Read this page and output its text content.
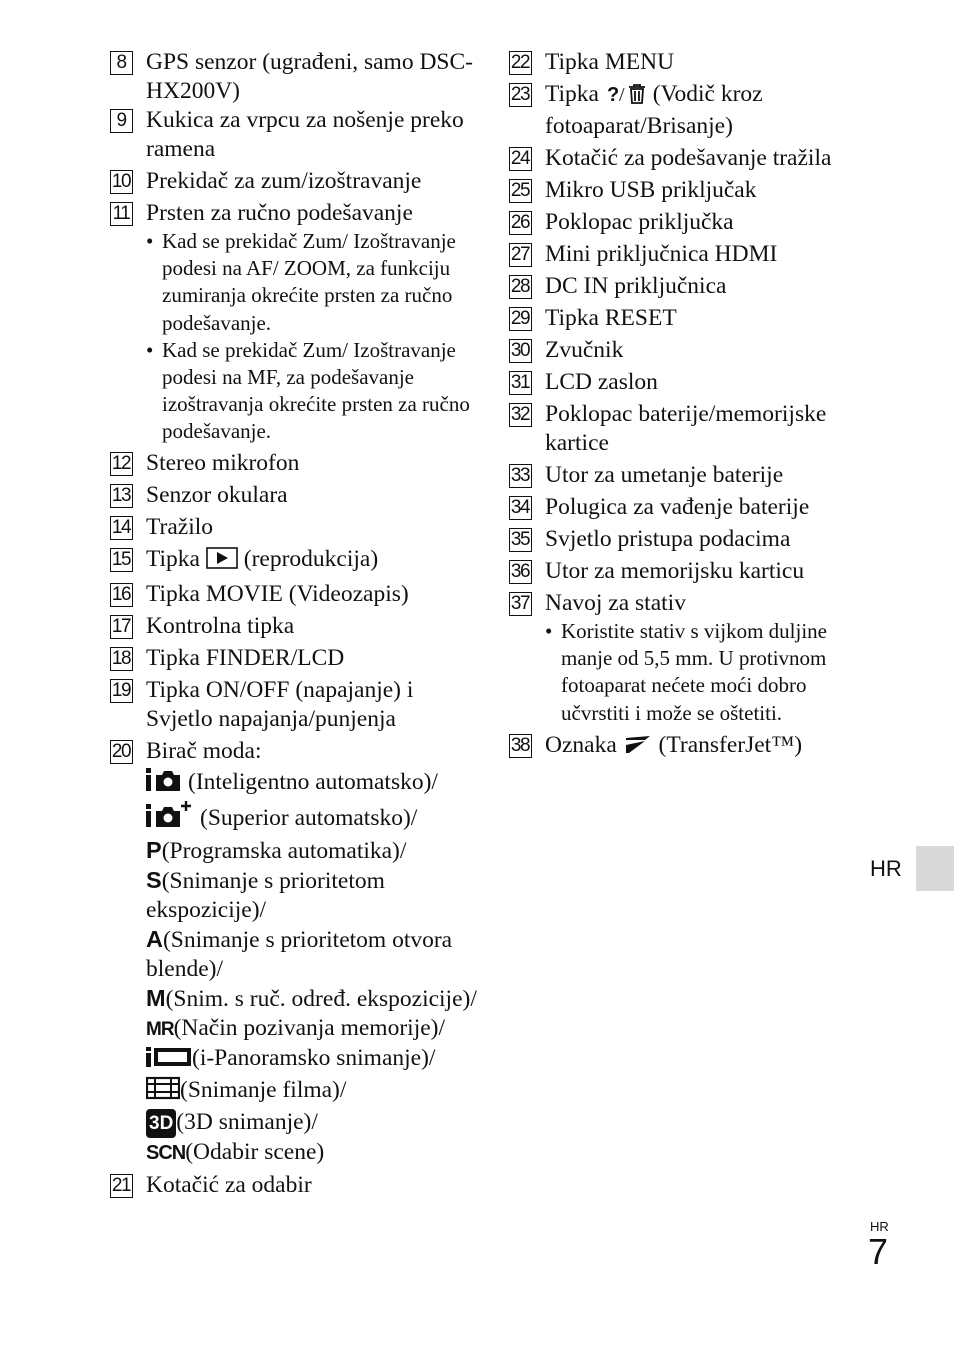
8 GPS senzor (ugrađeni, samo DSC-HX200V)
9 Kukica za vrpcu za nošenje preko ramena
10 Prekidač za zum/izoštravanje
11 Prsten za ručno podešavanje
• Kad se prekidač Zum/ Izoštravanje podesi na AF/ ZOOM, za funkciju zumiranja okrećite prsten za ručno podešavanje.
• Kad se prekidač Zum/ Izoštravanje podesi na MF, za podešavanje izoštravanja okrećite prsten za ručno podešavanje.
12 Stereo mikrofon
13 Senzor okulara
14 Tražilo
15 Tipka (reprodukcija)
16 Tipka MOVIE (Videozapis)
17 Kontrolna tipka
18 Tipka FINDER/LCD
19 Tipka ON/OFF (napajanje) i Svjetlo napajanja/punjenja
20 Birač moda:
(Inteligentno automatsko)/
(Superior automatsko)/
P(Programska automatika)/
S(Snimanje s prioritetom ekspozicije)/
A(Snimanje s prioritetom otvora blende)/
M(Snim. s ruč. određ. ekspozicije)/
MR(Način pozivanja memorije)/
(i-Panoramsko snimanje)/
(Snimanje filma)/
3D (3D snimanje)/
SCN(Odabir scene)
21 Kotačić za odabir
22 Tipka MENU
23 Tipka ? / (Vodič kroz fotoaparat/Brisanje)
24 Kotačić za podešavanje tražila
25 Mikro USB priključak
26 Poklopac priključka
27 Mini priključnica HDMI
28 DC IN priključnica
29 Tipka RESET
30 Zvučnik
31 LCD zaslon
32 Poklopac baterije/memorijske kartice
33 Utor za umetanje baterije
34 Polugica za vađenje baterije
35 Svjetlo pristupa podacima
36 Utor za memorijsku karticu
37 Navoj za stativ
• Koristite stativ s vijkom duljine manje od 5,5 mm. U protivnom fotoaparat nećete moći dobro učvrstiti i može se oštetiti.
38 Oznaka (TransferJet™)
HR
HR
7
